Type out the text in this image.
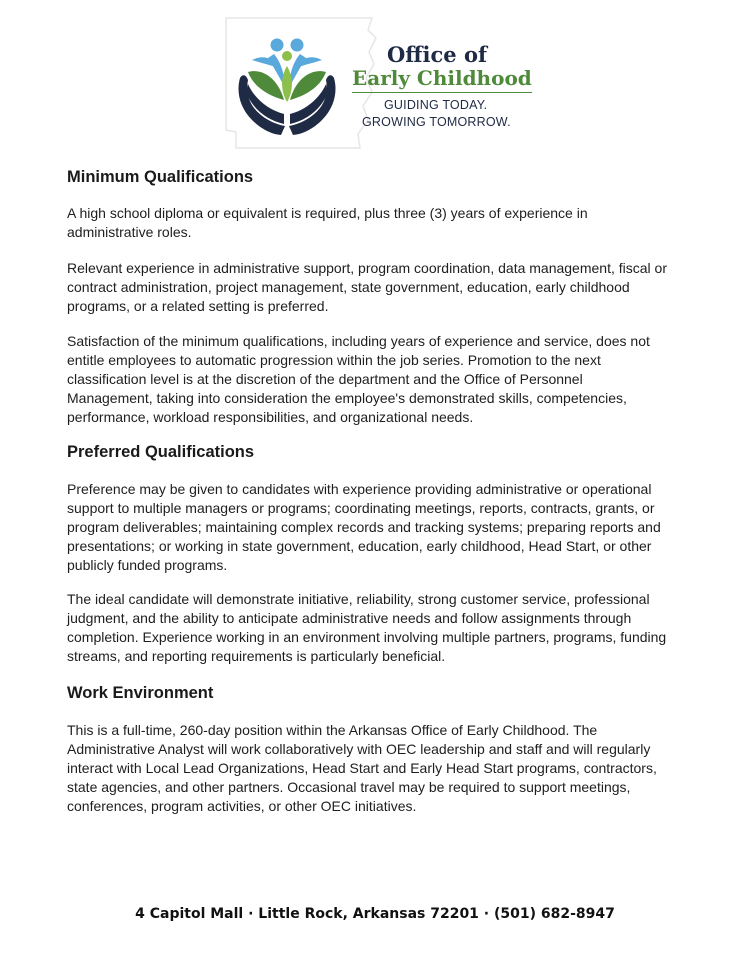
Office of
Early Childhood
GUIDING TODAY.
GROWING TOMORROW.
Minimum Qualifications

A high school diploma or equivalent is required, plus three (3) years of experience in administrative roles.

Relevant experience in administrative support, program coordination, data management, fiscal or contract administration, project management, state government, education, early childhood programs, or a related setting is preferred.

Satisfaction of the minimum qualifications, including years of experience and service, does not entitle employees to automatic progression within the job series. Promotion to the next classification level is at the discretion of the department and the Office of Personnel Management, taking into consideration the employee's demonstrated skills, competencies, performance, workload responsibilities, and organizational needs.

Preferred Qualifications

Preference may be given to candidates with experience providing administrative or operational support to multiple managers or programs; coordinating meetings, reports, contracts, grants, or program deliverables; maintaining complex records and tracking systems; preparing reports and presentations; or working in state government, education, early childhood, Head Start, or other publicly funded programs.

The ideal candidate will demonstrate initiative, reliability, strong customer service, professional judgment, and the ability to anticipate administrative needs and follow assignments through completion. Experience working in an environment involving multiple partners, programs, funding streams, and reporting requirements is particularly beneficial.

Work Environment

This is a full-time, 260-day position within the Arkansas Office of Early Childhood. The Administrative Analyst will work collaboratively with OEC leadership and staff and will regularly interact with Local Lead Organizations, Head Start and Early Head Start programs, contractors, state agencies, and other partners. Occasional travel may be required to support meetings, conferences, program activities, or other OEC initiatives.

4 Capitol Mall · Little Rock, Arkansas 72201 · (501) 682-8947
